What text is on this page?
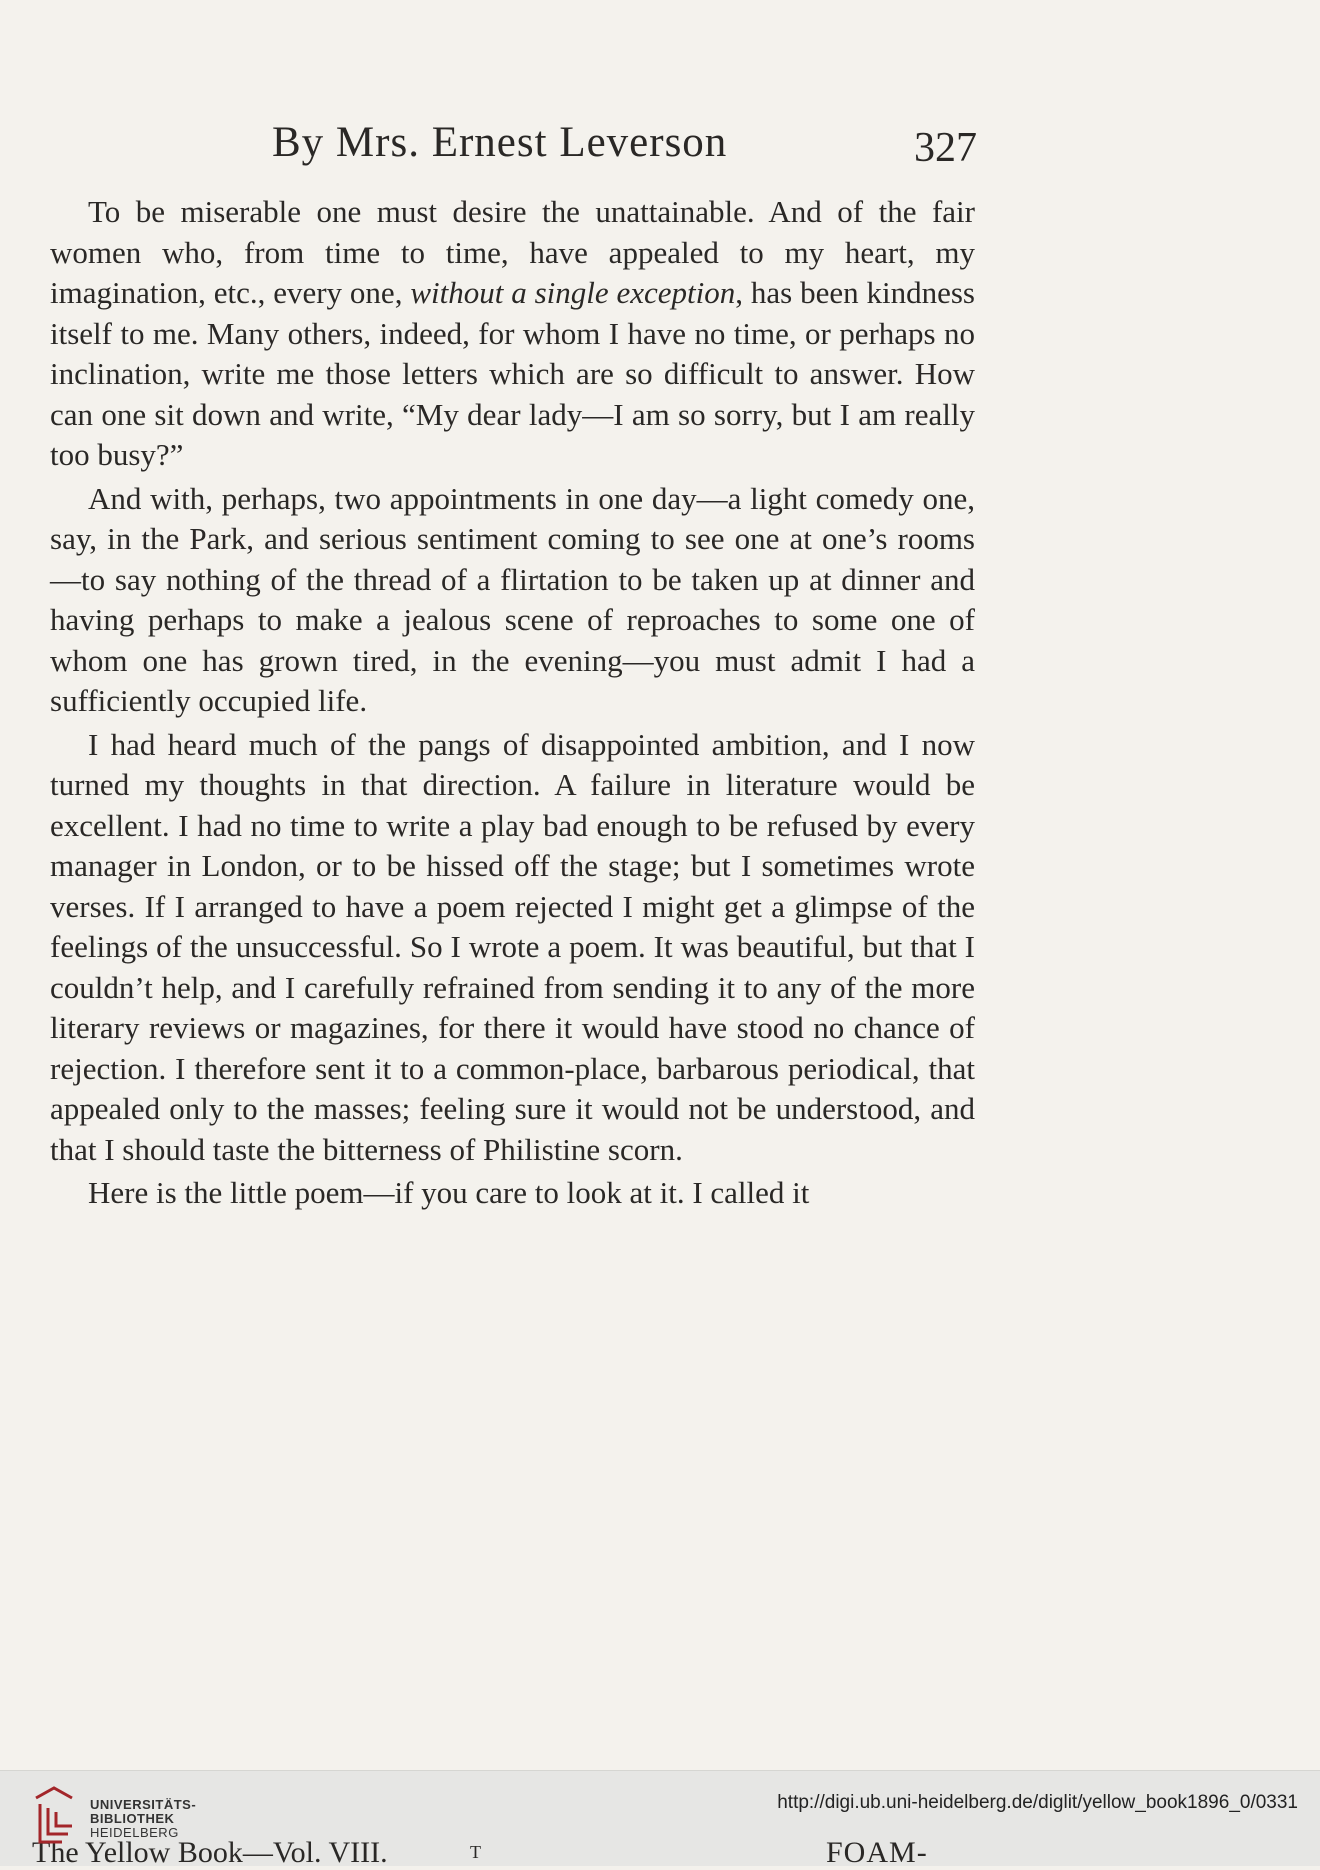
By Mrs. Ernest Leverson	327

To be miserable one must desire the unattainable. And of the fair women who, from time to time, have appealed to my heart, my imagination, etc., every one, without a single exception, has been kindness itself to me. Many others, indeed, for whom I have no time, or perhaps no inclination, write me those letters which are so difficult to answer. How can one sit down and write, “My dear lady—I am so sorry, but I am really too busy?”

And with, perhaps, two appointments in one day—a light comedy one, say, in the Park, and serious sentiment coming to see one at one’s rooms—to say nothing of the thread of a flirtation to be taken up at dinner and having perhaps to make a jealous scene of reproaches to some one of whom one has grown tired, in the evening—you must admit I had a sufficiently occupied life.

I had heard much of the pangs of disappointed ambition, and I now turned my thoughts in that direction. A failure in literature would be excellent. I had no time to write a play bad enough to be refused by every manager in London, or to be hissed off the stage; but I sometimes wrote verses. If I arranged to have a poem rejected I might get a glimpse of the feelings of the unsuccessful. So I wrote a poem. It was beautiful, but that I couldn’t help, and I carefully refrained from sending it to any of the more literary reviews or magazines, for there it would have stood no chance of rejection. I therefore sent it to a common-place, barbarous periodical, that appealed only to the masses; feeling sure it would not be understood, and that I should taste the bitterness of Philistine scorn.

Here is the little poem—if you care to look at it. I called it

The Yellow Book—Vol. VIII.	T	FOAM-
UNIVERSITÄTS-
BIBLIOTHEK
HEIDELBERG
http://digi.ub.uni-heidelberg.de/diglit/yellow_book1896_0/0331
